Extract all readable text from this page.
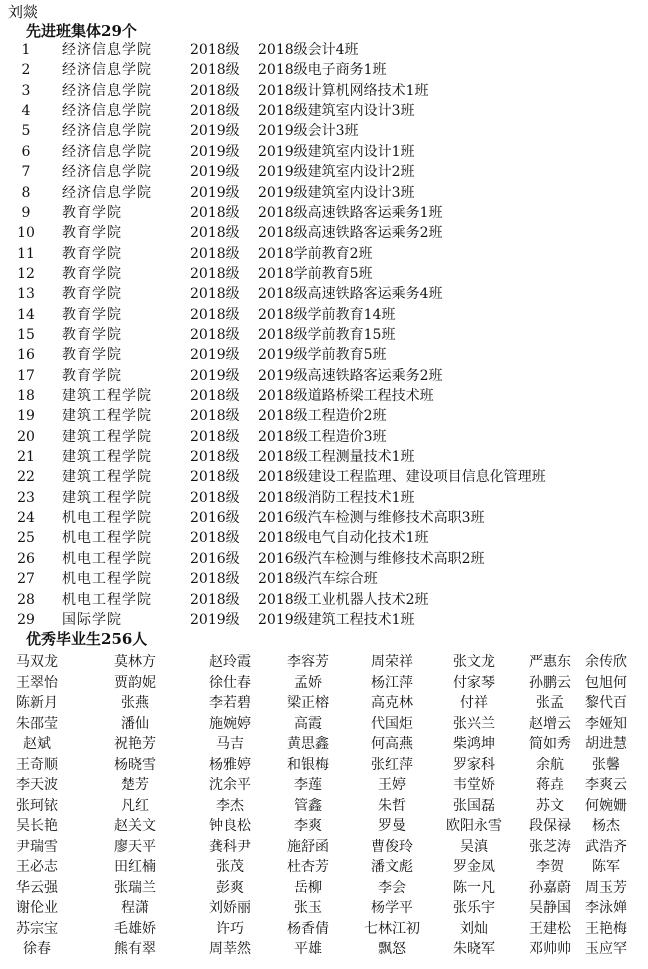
刘燚
先进班集体29个
1	经济信息学院	2018级 2018级会计4班
2	经济信息学院	2018级 2018级电子商务1班
3	经济信息学院	2018级 2018级计算机网络技术1班
4	经济信息学院	2018级 2018级建筑室内设计3班
5	经济信息学院	2019级 2019级会计3班
6	经济信息学院	2019级 2019级建筑室内设计1班
7	经济信息学院	2019级 2019级建筑室内设计2班
8	经济信息学院	2019级 2019级建筑室内设计3班
9	教育学院	2018级 2018级高速铁路客运乘务1班
10 教育学院	2018级 2018级高速铁路客运乘务2班
11 教育学院	2018级 2018学前教育2班
12 教育学院	2018级 2018学前教育5班
13 教育学院	2018级 2018级高速铁路客运乘务4班
14 教育学院	2018级 2018级学前教育14班
15 教育学院	2018级 2018级学前教育15班
16 教育学院	2019级 2019级学前教育5班
17 教育学院	2019级 2019级高速铁路客运乘务2班
18 建筑工程学院	2018级 2018级道路桥梁工程技术班
19 建筑工程学院	2018级 2018级工程造价2班
20 建筑工程学院	2018级 2018级工程造价3班
21 建筑工程学院	2018级 2018级工程测量技术1班
22 建筑工程学院	2018级 2018级建设工程监理、建设项目信息化管理班
23 建筑工程学院	2018级 2018级消防工程技术1班
24 机电工程学院	2016级 2016级汽车检测与维修技术高职3班
25 机电工程学院	2018级 2018级电气自动化技术1班
26 机电工程学院	2016级 2016级汽车检测与维修技术高职2班
27 机电工程学院	2018级 2018级汽车综合班
28 机电工程学院	2018级 2018级工业机器人技术2班
29 国际学院	2019级 2019级建筑工程技术1班
优秀毕业生256人
马双龙	莫林方	赵玲霞	李容芳	周荣祥	张文龙	严惠东	余传欣
王翠怡	贾韵妮	徐仕春	孟娇	杨江萍	付家琴	孙鹏云	包旭何
陈新月	张燕	李若碧	梁正榕	高克林	付祥	张孟	黎代百
朱邵莹	潘仙	施婉婷	高霞	代国炬	张兴兰	赵增云	李娅知
赵斌	祝艳芳	马吉	黄思鑫	何高燕	柴鸿坤	简如秀	胡进慧
王奇顺	杨晓雪	杨雅婷	和银梅	张红萍	罗家科	余航	张馨
李天波	楚芳	沈余平	李莲	王婷	韦堂娇	蒋垚	李爽云
张珂铱	凡红	李杰	管鑫	朱哲	张国磊	苏文	何婉姗
吴长艳	赵关文	钟良松	李爽	罗曼	欧阳永雪	段保禄	杨杰
尹瑞雪	廖天平	龚科尹	施舒函	曹俊玲	吴滇	张芝涛	武浩齐
王必志	田红楠	张茂	杜杏芳	潘文彪	罗金凤	李贺	陈军
华云强	张瑞兰	彭爽	岳柳	李会	陈一凡	孙嘉蔚	周玉芳
谢伦业	程潇	刘娇丽	张玉	杨学平	张乐宇	吴静国	李泳婵
苏宗宝	毛雄娇	许巧	杨香倩	七林江初	刘灿	王建松	王艳梅
徐春	熊有翠	周莘然	平雄	飘怒	朱晓军	邓帅帅	玉应罕
